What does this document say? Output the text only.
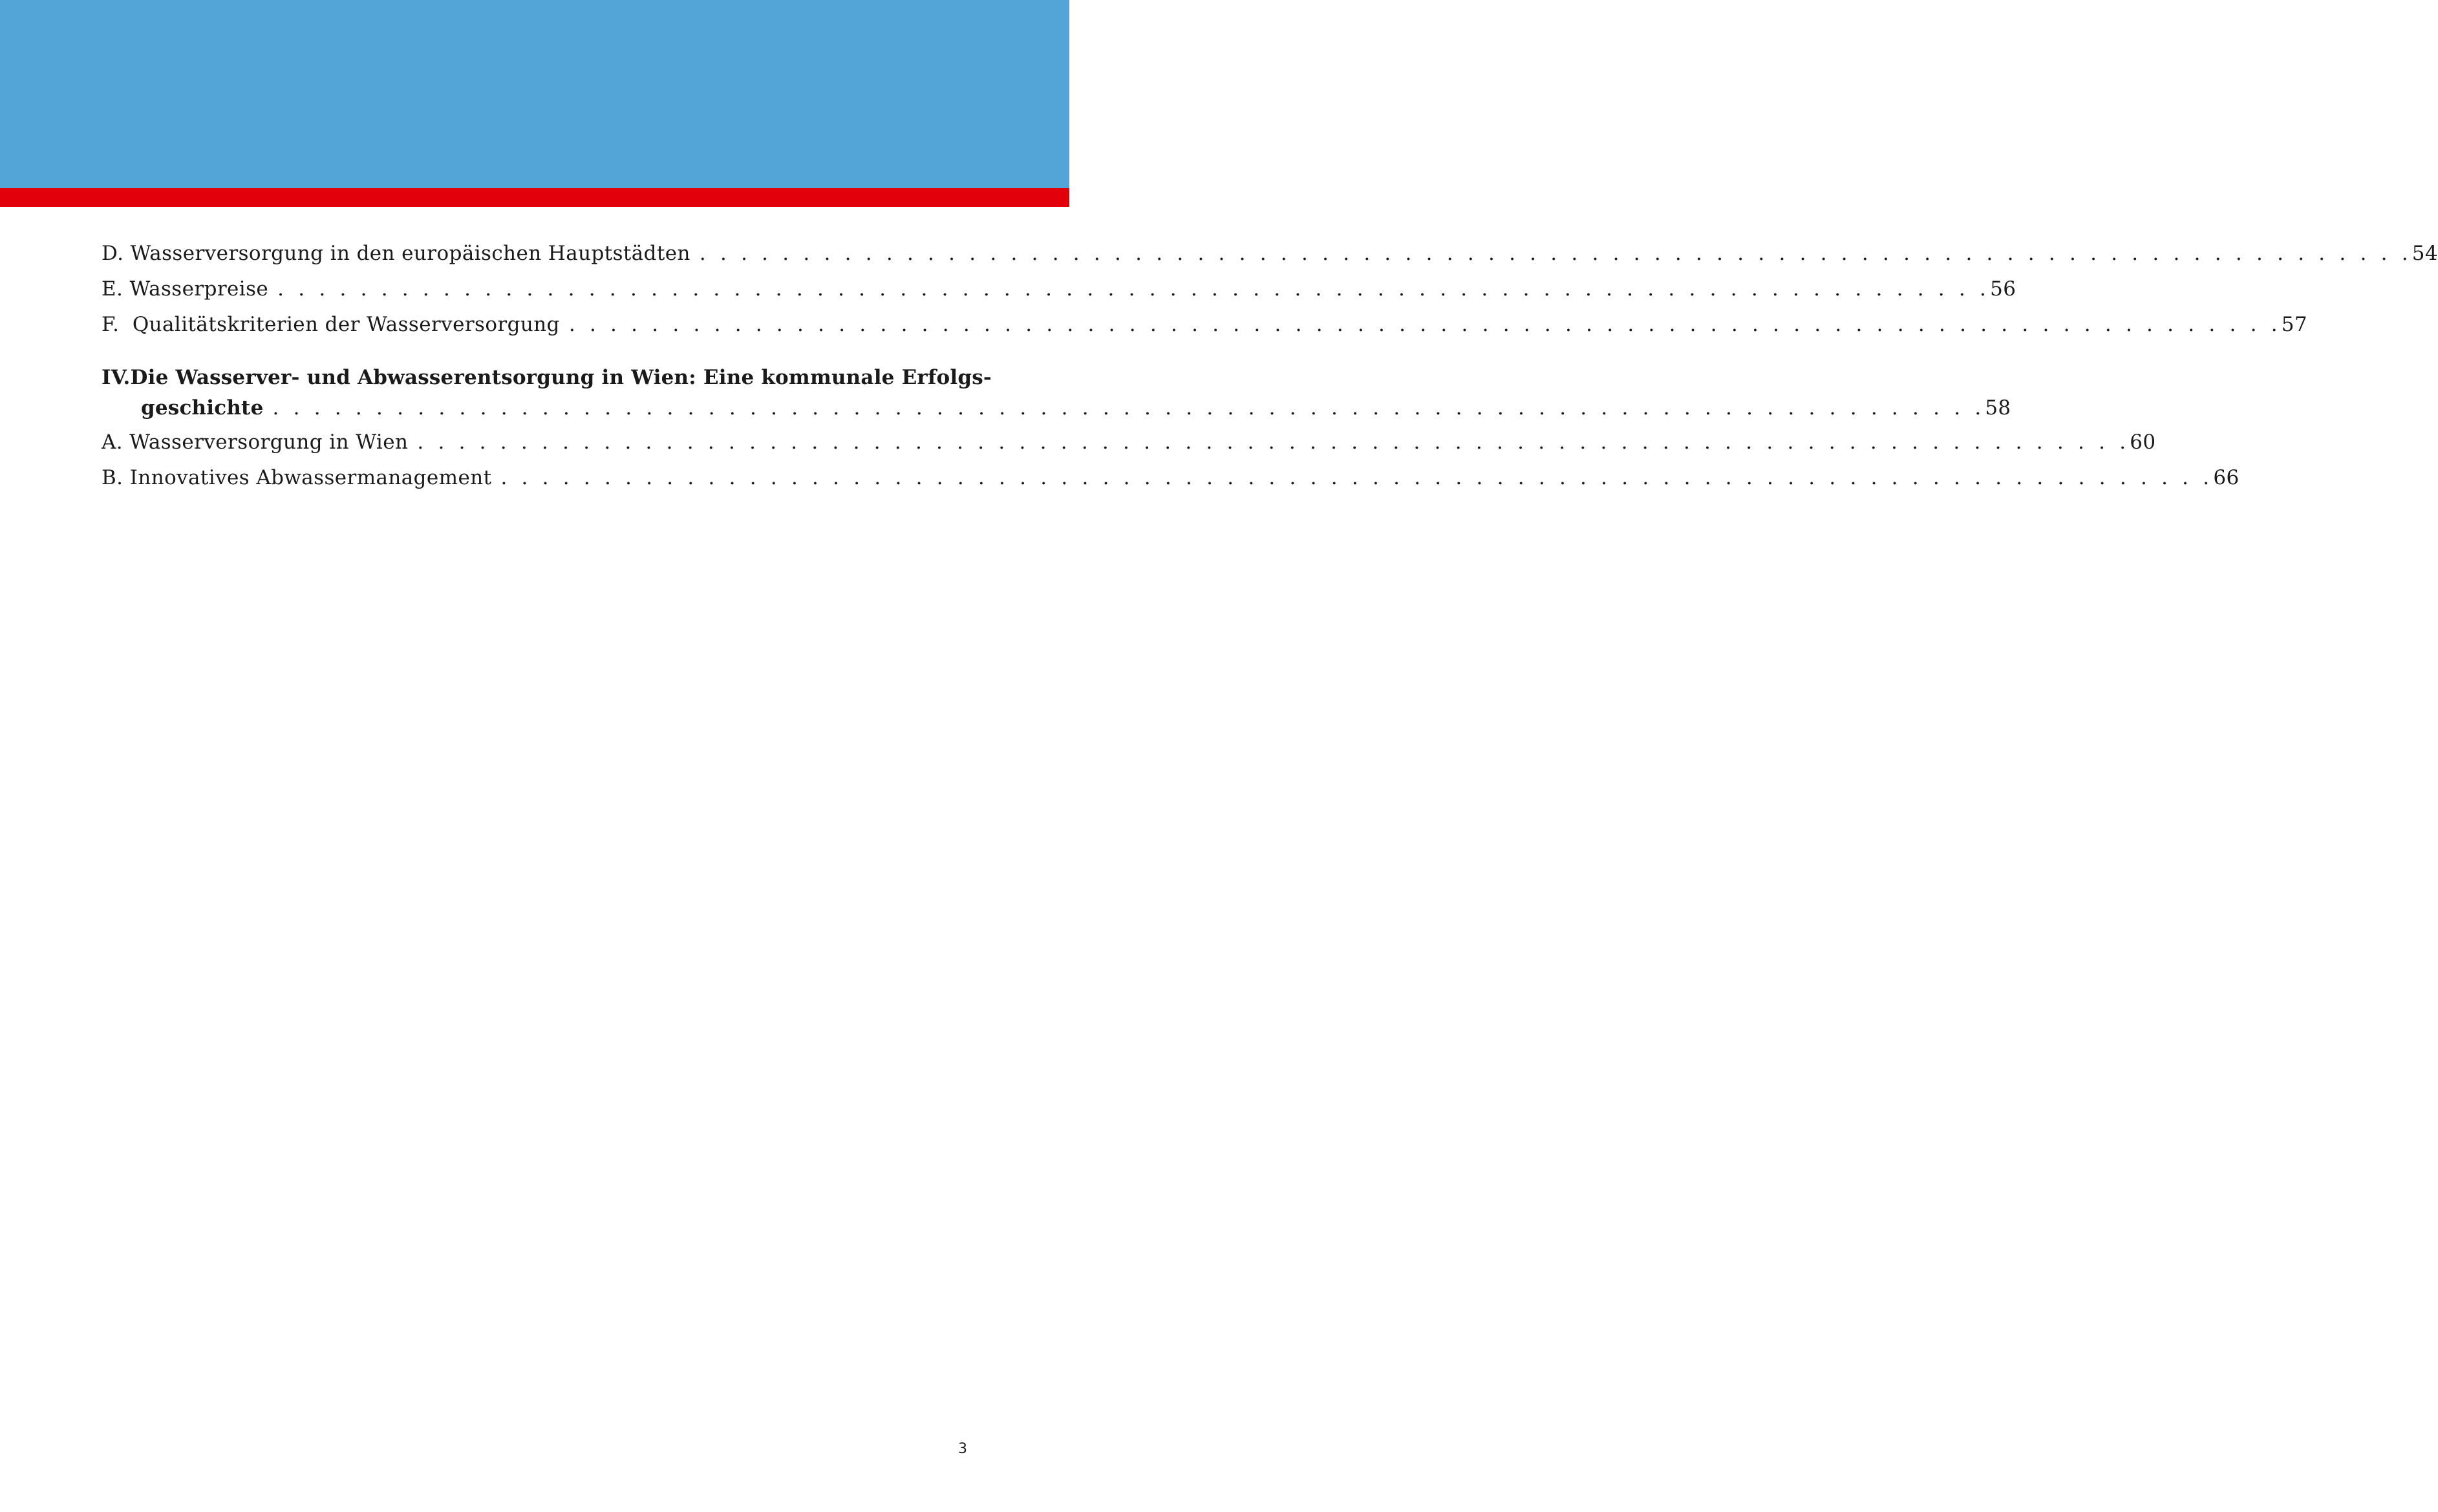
D. Wasserversorgung in den europäischen Hauptstädten . . . . . . . . . . . . . . . . . . . . . . . . . . . . . . . . . . . . . . . . . . . . . . . . . . . . . . . . . . . . . . . . . . . . . . . . . . . . . . . . . . . 54
E. Wasserpreise . . . . . . . . . . . . . . . . . . . . . . . . . . . . . . . . . . . . . . . . . . . . . . . . . . . . . . . . . . . . . . . . . . . . . . . . . . . . . . . . . . . 56
F.  Qualitätskriterien der Wasserversorgung . . . . . . . . . . . . . . . . . . . . . . . . . . . . . . . . . . . . . . . . . . . . . . . . . . . . . . . . . . . . . . . . . . . . . . . . . . . . . . . . . . . 57
IV. Die Wasserver- und Abwasserentsorgung in Wien: Eine kommunale Erfolgs-
geschichte . . . . . . . . . . . . . . . . . . . . . . . . . . . . . . . . . . . . . . . . . . . . . . . . . . . . . . . . . . . . . . . . . . . . . . . . . . . . . . . . . . . 58
A. Wasserversorgung in Wien . . . . . . . . . . . . . . . . . . . . . . . . . . . . . . . . . . . . . . . . . . . . . . . . . . . . . . . . . . . . . . . . . . . . . . . . . . . . . . . . . . . 60
B. Innovatives Abwassermanagement . . . . . . . . . . . . . . . . . . . . . . . . . . . . . . . . . . . . . . . . . . . . . . . . . . . . . . . . . . . . . . . . . . . . . . . . . . . . . . . . . . . 66
3
